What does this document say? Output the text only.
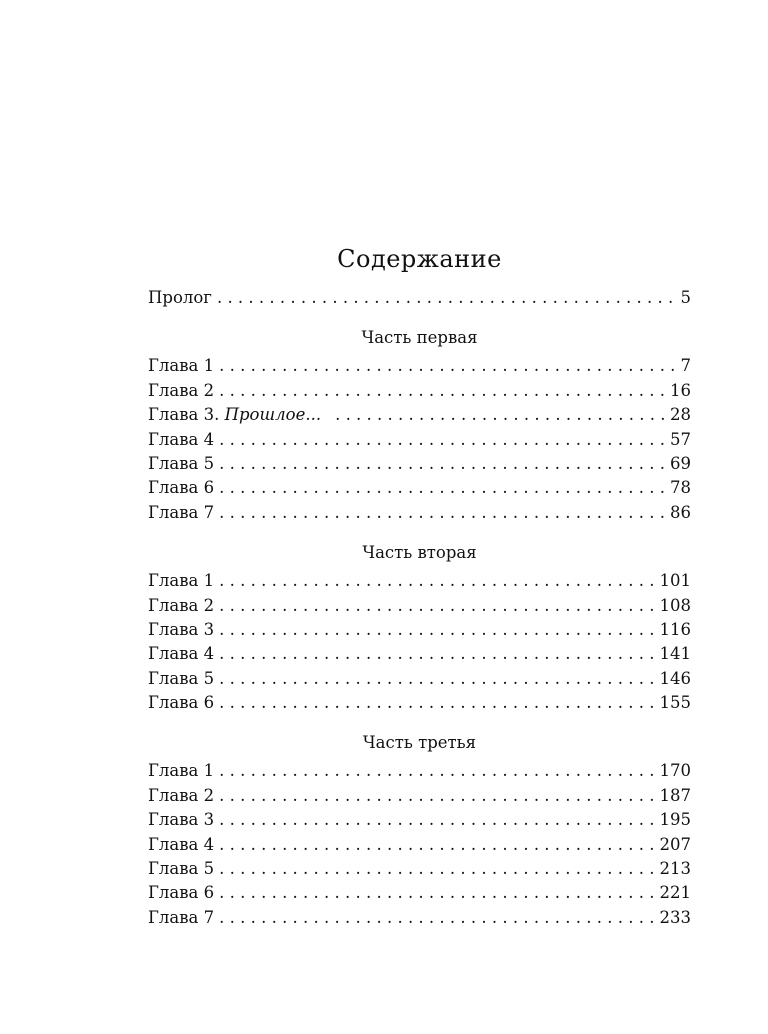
Содержание
Пролог . . .	5
Часть первая
Глава 1 . . .	7
Глава 2 . . .	16
Глава 3. Прошлое... . . .	28
Глава 4 . . .	57
Глава 5 . . .	69
Глава 6 . . .	78
Глава 7 . . .	86
Часть вторая
Глава 1 . . .	101
Глава 2 . . .	108
Глава 3 . . .	116
Глава 4 . . .	141
Глава 5 . . .	146
Глава 6 . . .	155
Часть третья
Глава 1 . . .	170
Глава 2 . . .	187
Глава 3 . . .	195
Глава 4 . . .	207
Глава 5 . . .	213
Глава 6 . . .	221
Глава 7 . . .	233
